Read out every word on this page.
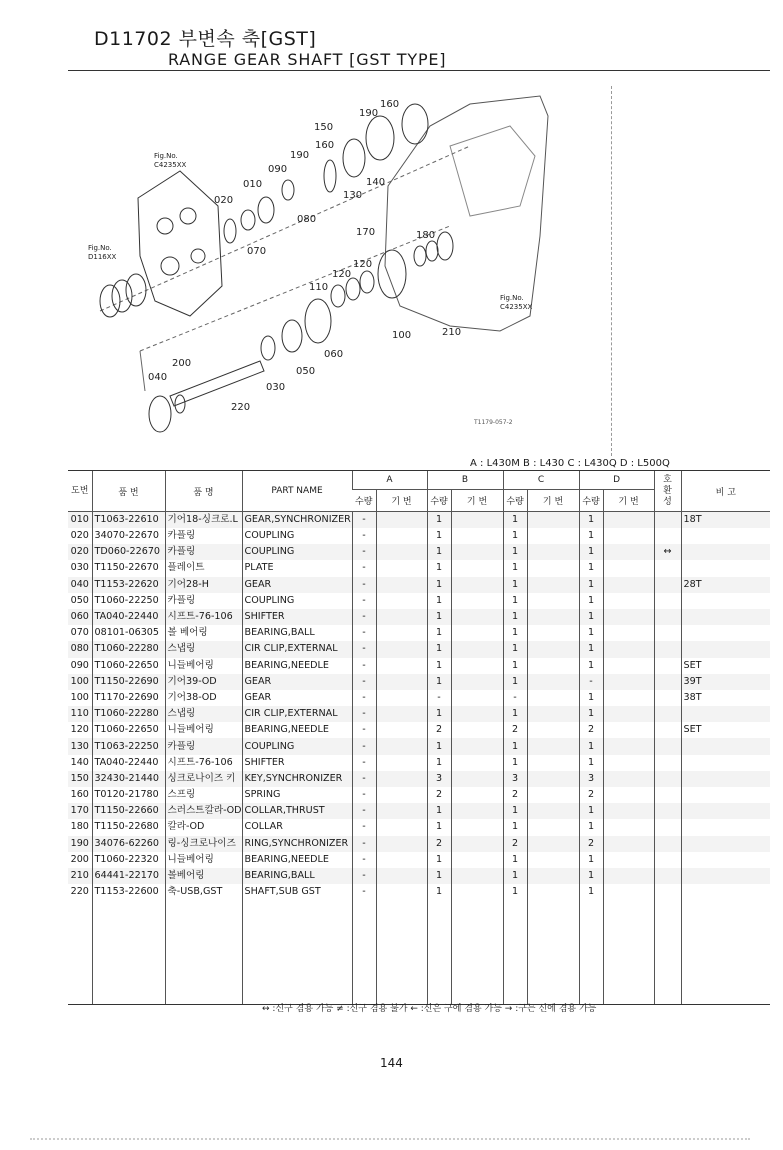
D11702 부변속 축[GST]
RANGE GEAR SHAFT [GST TYPE]
Fig.No.
C4235XX
Fig.No.
D116XX
Fig.No.
C4235XX
150
160
190
160
190
140
130
090
010
080
020
070
170	180
120
120
110
100	210
060
050
030
200
040
220
T1179-057-2
A : L430M B : L430 C : L430Q D : L500Q
도번	품 번	품 명	PART NAME	A		B		C		D		호환성	비 고
				수량	기 번	수량	기 번	수량	기 번	수량	기 번		
010	T1063-22610	기어18-싱크로.L	GEAR,SYNCHRONIZER	-		1		1		1			18T
020	34070-22670	카플링	COUPLING	-		1		1		1			
020	TD060-22670	카플링	COUPLING	-		1		1		1		↔	
030	T1150-22670	플레이트	PLATE	-		1		1		1			
040	T1153-22620	기어28-H	GEAR	-		1		1		1			28T
050	T1060-22250	카플링	COUPLING	-		1		1		1			
060	TA040-22440	시프트-76-106	SHIFTER	-		1		1		1			
070	08101-06305	볼 베어링	BEARING,BALL	-		1		1		1			
080	T1060-22280	스냅링	CIR CLIP,EXTERNAL	-		1		1		1			
090	T1060-22650	니들베어링	BEARING,NEEDLE	-		1		1		1			SET
100	T1150-22690	기어39-OD	GEAR	-		1		1		-			39T
100	T1170-22690	기어38-OD	GEAR	-		-		-		1			38T
110	T1060-22280	스냅링	CIR CLIP,EXTERNAL	-		1		1		1			
120	T1060-22650	니들베어링	BEARING,NEEDLE	-		2		2		2			SET
130	T1063-22250	카플링	COUPLING	-		1		1		1			
140	TA040-22440	시프트-76-106	SHIFTER	-		1		1		1			
150	32430-21440	싱크로나이즈 키	KEY,SYNCHRONIZER	-		3		3		3			
160	T0120-21780	스프링	SPRING	-		2		2		2			
170	T1150-22660	스러스트칼라-OD	COLLAR,THRUST	-		1		1		1			
180	T1150-22680	칼라-OD	COLLAR	-		1		1		1			
190	34076-62260	링-싱크로나이즈	RING,SYNCHRONIZER	-		2		2		2			
200	T1060-22320	니들베어링	BEARING,NEEDLE	-		1		1		1			
210	64441-22170	볼베어링	BEARING,BALL	-		1		1		1			
220	T1153-22600	축-USB,GST	SHAFT,SUB GST	-		1		1		1			

↔ :신구 겸용 가능 ≠ :신구 겸용 불가 ← :신은 구에 겸용 가능 → :구는 신에 겸용 가능
144
